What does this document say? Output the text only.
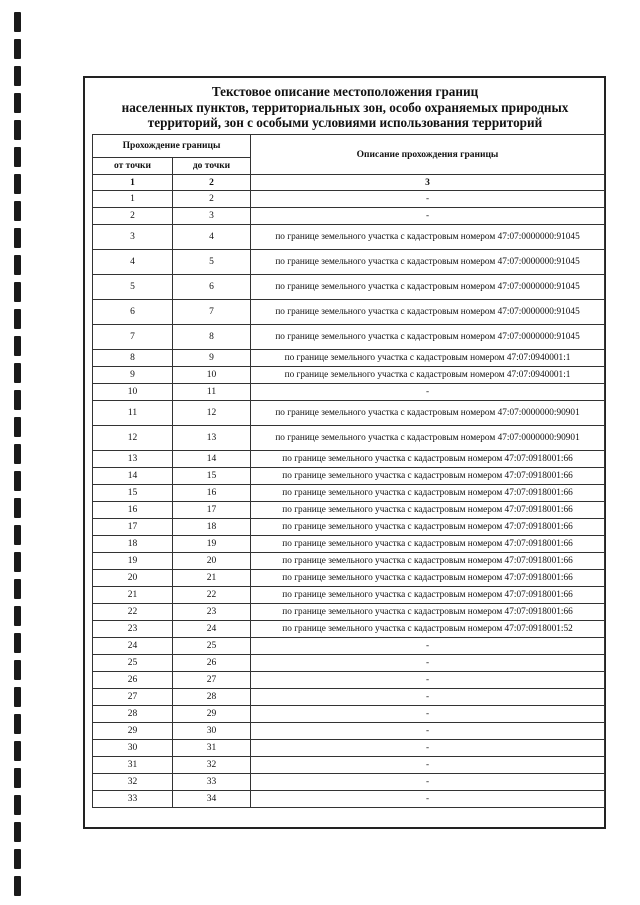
Текстовое описание местоположения границ
населенных пунктов, территориальных зон, особо охраняемых природных
территорий, зон с особыми условиями использования территорий
Прохождение границы		Описание прохождения границы
от точки	до точки	
1	2	3
1	2	-
2	3	-
3	4	по границе земельного участка с кадастровым номером 47:07:0000000:91045
4	5	по границе земельного участка с кадастровым номером 47:07:0000000:91045
5	6	по границе земельного участка с кадастровым номером 47:07:0000000:91045
6	7	по границе земельного участка с кадастровым номером 47:07:0000000:91045
7	8	по границе земельного участка с кадастровым номером 47:07:0000000:91045
8	9	по границе земельного участка с кадастровым номером 47:07:0940001:1
9	10	по границе земельного участка с кадастровым номером 47:07:0940001:1
10	11	-
11	12	по границе земельного участка с кадастровым номером 47:07:0000000:90901
12	13	по границе земельного участка с кадастровым номером 47:07:0000000:90901
13	14	по границе земельного участка с кадастровым номером 47:07:0918001:66
14	15	по границе земельного участка с кадастровым номером 47:07:0918001:66
15	16	по границе земельного участка с кадастровым номером 47:07:0918001:66
16	17	по границе земельного участка с кадастровым номером 47:07:0918001:66
17	18	по границе земельного участка с кадастровым номером 47:07:0918001:66
18	19	по границе земельного участка с кадастровым номером 47:07:0918001:66
19	20	по границе земельного участка с кадастровым номером 47:07:0918001:66
20	21	по границе земельного участка с кадастровым номером 47:07:0918001:66
21	22	по границе земельного участка с кадастровым номером 47:07:0918001:66
22	23	по границе земельного участка с кадастровым номером 47:07:0918001:66
23	24	по границе земельного участка с кадастровым номером 47:07:0918001:52
24	25	-
25	26	-
26	27	-
27	28	-
28	29	-
29	30	-
30	31	-
31	32	-
32	33	-
33	34	-
